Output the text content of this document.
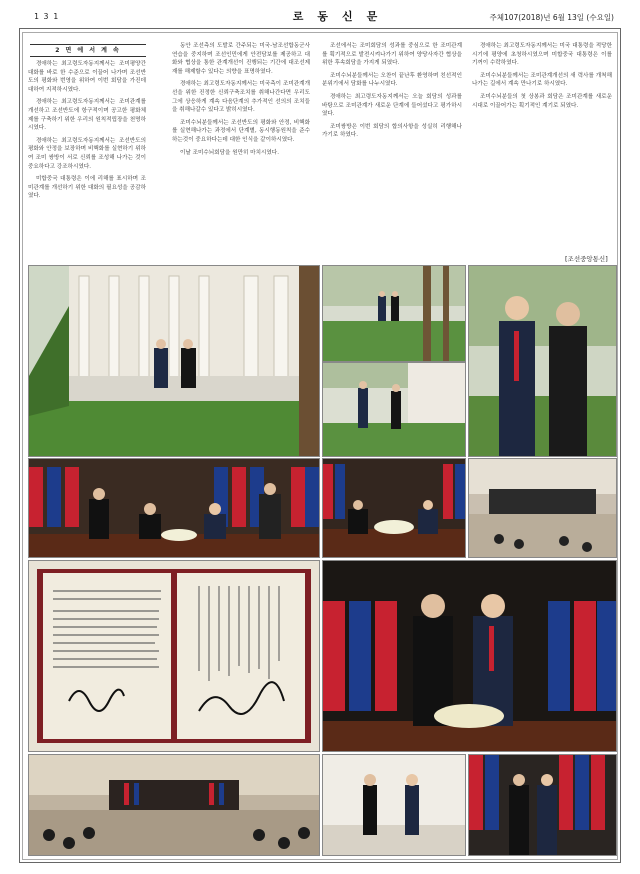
1 3 1	로동신문	주체107(2018)년 6월 13일 (수요일)
2 면 에 서 계 속

경애하는 최고령도자동지께서는 조미평양간 대화를 바로 한 수준으로 이끌어 나가며 조선반도의 평화와 번영을 위하여 이번 회담을 가진데 대하여 지적하시였다.

경애하는 최고령도자동지께서는 조미관계를 개선하고 조선반도에 항구적이며 공고한 평화체제를 구축하기 위한 우리의 원칙적립장을 천명하시였다.

경애하는 최고령도자동지께서는 조선반도의 평화와 안정을 보장하며 비핵화를 실현하기 위하여 조미 쌍방이 서로 신뢰를 조성해 나가는 것이 중요하다고 강조하시였다.

미합중국 대통령은 이에 리해를 표시하며 조미관계를 개선하기 위한 대화의 필요성을 공감하였다.

동안 조선측의 도발로 간주되는 미국-남조선합동군사연습을 중지하며 조선인민에게 안전담보를 제공하고 대화와 협상을 통한 관계개선이 진행되는 기간에 대조선제재를 해제할수 있다는 의향을 표명하였다.

경애하는 최고령도자동지께서는 미국측이 조미관계개선을 위한 진정한 신뢰구축조치를 취해나간다면 우리도 그에 상응하게 계속 다음단계의 추가적인 선의의 조치들을 취해나갈수 있다고 밝히시였다.

조미수뇌분들께서는 조선반도의 평화와 안정, 비핵화를 실현해나가는 과정에서 단계별, 동시행동원칙을 준수하는것이 중요하다는데 대한 인식을 같이하시였다.

이날 조미수뇌회담을 원만히 마치시였다.

조선에서는 조미회담의 성과를 중심으로 한 조미관계를 획기적으로 발전시켜나가기 위하여 양당사자간 협상을 위한 후속회담을 가지게 되였다.

조미수뇌분들께서는 오찬이 끝난후 환영하며 친선적인 분위기에서 담화를 나누시였다.

경애하는 최고령도자동지께서는 오늘 회담의 성과를 바탕으로 조미관계가 새로운 단계에 들어섰다고 평가하시였다.

조미쌍방은 이번 회담의 합의사항을 성실히 리행해나가기로 하였다.

경애하는 최고령도자동지께서는 미국 대통령을 적당한 시기에 평양에 초청하시였으며 미합중국 대통령은 이를 기꺼이 수락하였다.

조미수뇌분들께서는 조미관계개선의 새 력사를 개척해나가는 길에서 계속 만나기로 하시였다.

조미수뇌분들의 첫 상봉과 회담은 조미관계를 새로운 시대로 이끌어가는 획기적인 계기로 되였다.

[조선중앙통신]
